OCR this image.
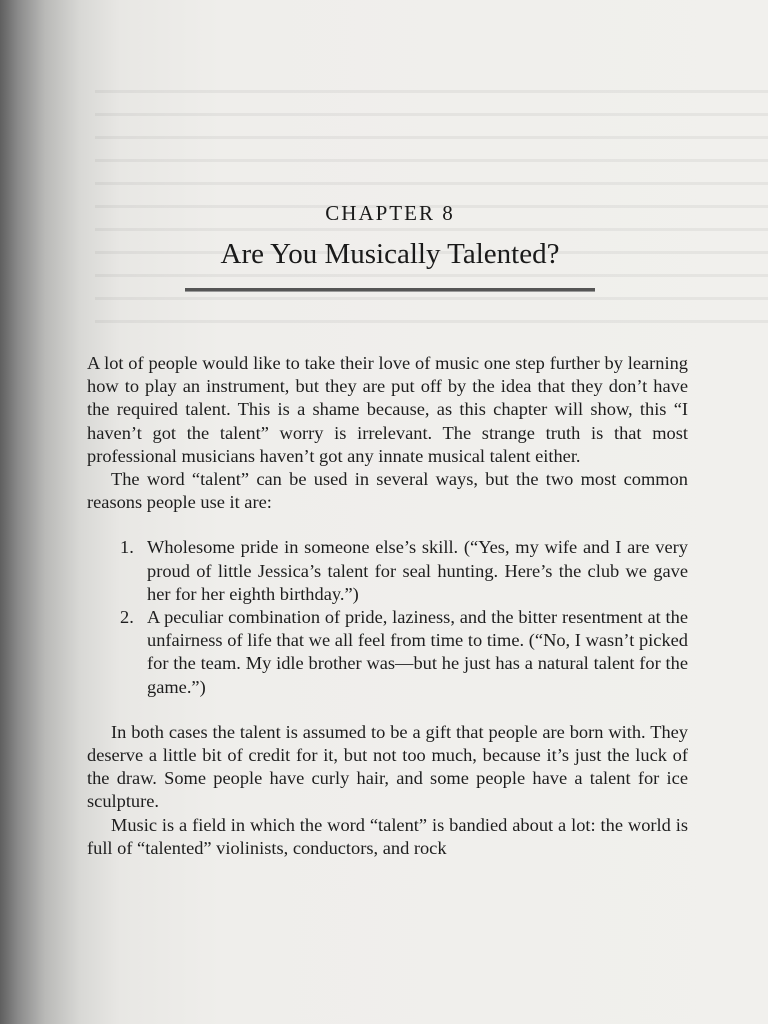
CHAPTER 8
Are You Musically Talented?

A lot of people would like to take their love of music one step further by learning how to play an instrument, but they are put off by the idea that they don’t have the required talent. This is a shame because, as this chapter will show, this “I haven’t got the talent” worry is irrelevant. The strange truth is that most professional musicians haven’t got any innate musical talent either.

The word “talent” can be used in several ways, but the two most common reasons people use it are:

1. Wholesome pride in someone else’s skill. (“Yes, my wife and I are very proud of little Jessica’s talent for seal hunting. Here’s the club we gave her for her eighth birthday.”)
2. A peculiar combination of pride, laziness, and the bitter resentment at the unfairness of life that we all feel from time to time. (“No, I wasn’t picked for the team. My idle brother was—but he just has a natural talent for the game.”)

In both cases the talent is assumed to be a gift that people are born with. They deserve a little bit of credit for it, but not too much, because it’s just the luck of the draw. Some people have curly hair, and some people have a talent for ice sculpture.

Music is a field in which the word “talent” is bandied about a lot: the world is full of “talented” violinists, conductors, and rock
